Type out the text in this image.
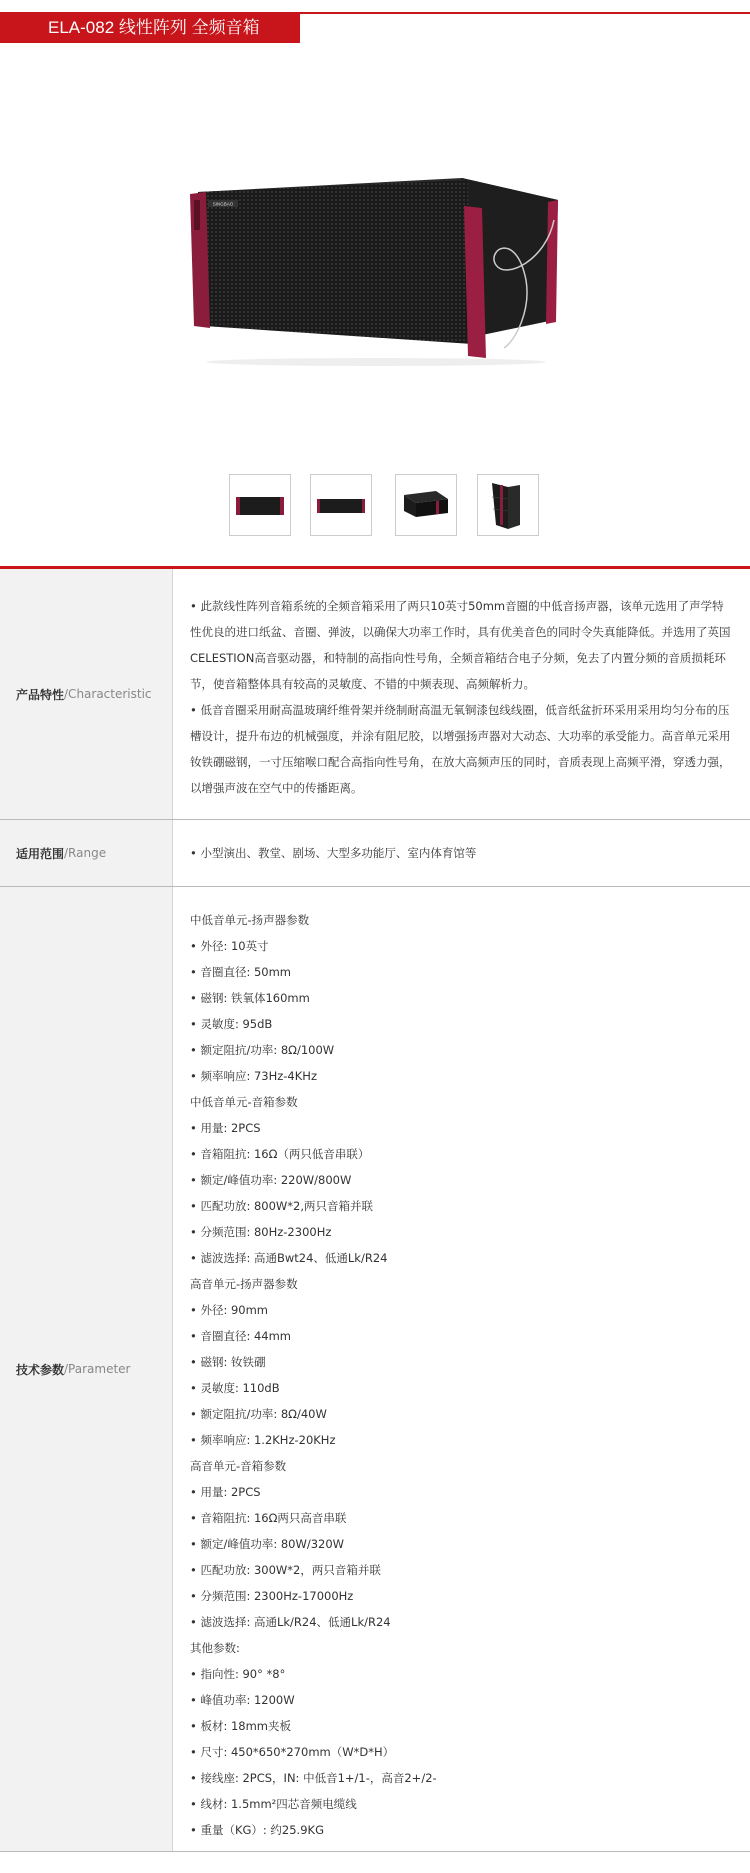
ELA-082 线性阵列 全频音箱
SINGBAO
产品特性 /Characteristic
• 此款线性阵列音箱系统的全频音箱采用了两只10英寸50mm音圈的中低音扬声器，该单元选用了声学特性优良的进口纸盆、音圈、弹波，以确保大功率工作时，具有优美音色的同时令失真能降低。并选用了英国CELESTION高音驱动器，和特制的高指向性号角，全频音箱结合电子分频，免去了内置分频的音质损耗环节，使音箱整体具有较高的灵敏度、不错的中频表现、高频解析力。
• 低音音圈采用耐高温玻璃纤维骨架并绕制耐高温无氧铜漆包线线圈，低音纸盆折环采用采用均匀分布的压槽设计，提升布边的机械强度，并涂有阻尼胶，以增强扬声器对大动态、大功率的承受能力。高音单元采用钕铁硼磁钢，一寸压缩喉口配合高指向性号角，在放大高频声压的同时，音质表现上高频平滑，穿透力强，以增强声波在空气中的传播距离。
适用范围 /Range	• 小型演出、教堂、剧场、大型多功能厅、室内体育馆等
技术参数 /Parameter
中低音单元-扬声器参数
• 外径: 10英寸
• 音圈直径: 50mm
• 磁钢: 铁氧体160mm
• 灵敏度: 95dB
• 额定阻抗/功率: 8Ω/100W
• 频率响应: 73Hz-4KHz
中低音单元-音箱参数
• 用量: 2PCS
• 音箱阻抗: 16Ω（两只低音串联）
• 额定/峰值功率: 220W/800W
• 匹配功放: 800W*2,两只音箱并联
• 分频范围: 80Hz-2300Hz
• 滤波选择: 高通Bwt24、低通Lk/R24
高音单元-扬声器参数
• 外径: 90mm
• 音圈直径: 44mm
• 磁钢: 钕铁硼
• 灵敏度: 110dB
• 额定阻抗/功率: 8Ω/40W
• 频率响应: 1.2KHz-20KHz
高音单元-音箱参数
• 用量: 2PCS
• 音箱阻抗: 16Ω两只高音串联
• 额定/峰值功率: 80W/320W
• 匹配功放: 300W*2，两只音箱并联
• 分频范围: 2300Hz-17000Hz
• 滤波选择: 高通Lk/R24、低通Lk/R24
其他参数:
• 指向性: 90° *8°
• 峰值功率: 1200W
• 板材: 18mm夹板
• 尺寸: 450*650*270mm（W*D*H）
• 接线座: 2PCS，IN: 中低音1+/1-，高音2+/2-
• 线材: 1.5mm²四芯音频电缆线
• 重量（KG）: 约25.9KG
